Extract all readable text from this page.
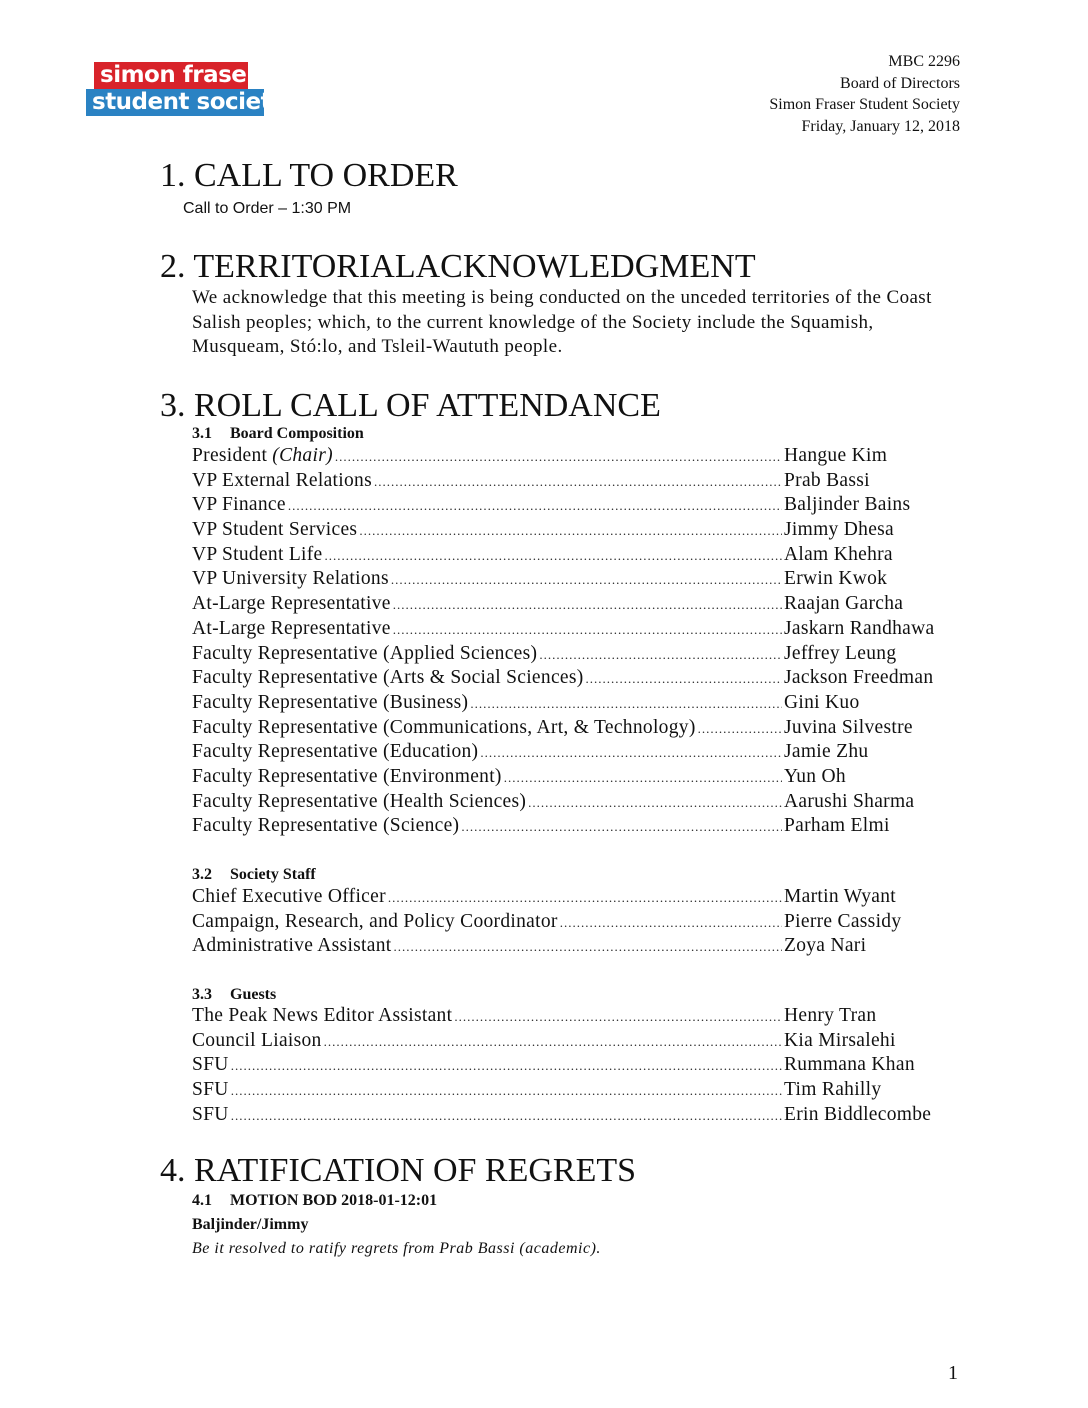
simon fraser
student society
MBC 2296
Board of Directors
Simon Fraser Student Society
Friday, January 12, 2018
1. CALL TO ORDER
Call to Order – 1:30 PM
2. TERRITORIALACKNOWLEDGMENT
We acknowledge that this meeting is being conducted on the unceded territories of the Coast Salish peoples; which, to the current knowledge of the Society include the Squamish, Musqueam, Stó:lo, and Tsleil-Waututh people.
3. ROLL CALL OF ATTENDANCE
3.1 Board Composition
President (Chair) .....	Hangue Kim
VP External Relations .....	Prab Bassi
VP Finance .....	Baljinder Bains
VP Student Services .....	Jimmy Dhesa
VP Student Life .....	Alam Khehra
VP University Relations .....	Erwin Kwok
At-Large Representative .....	Raajan Garcha
At-Large Representative .....	Jaskarn Randhawa
Faculty Representative (Applied Sciences) .....	Jeffrey Leung
Faculty Representative (Arts & Social Sciences) .....	Jackson Freedman
Faculty Representative (Business) .....	Gini Kuo
Faculty Representative (Communications, Art, & Technology) .....	Juvina Silvestre
Faculty Representative (Education) .....	Jamie Zhu
Faculty Representative (Environment) .....	Yun Oh
Faculty Representative (Health Sciences) .....	Aarushi Sharma
Faculty Representative (Science) .....	Parham Elmi
3.2 Society Staff
Chief Executive Officer .....	Martin Wyant
Campaign, Research, and Policy Coordinator .....	Pierre Cassidy
Administrative Assistant .....	Zoya Nari
3.3 Guests
The Peak News Editor Assistant .....	Henry Tran
Council Liaison .....	Kia Mirsalehi
SFU .....	Rummana Khan
SFU .....	Tim Rahilly
SFU .....	Erin Biddlecombe
4. RATIFICATION OF REGRETS
4.1 MOTION BOD 2018-01-12:01
Baljinder/Jimmy
Be it resolved to ratify regrets from Prab Bassi (academic).
1
